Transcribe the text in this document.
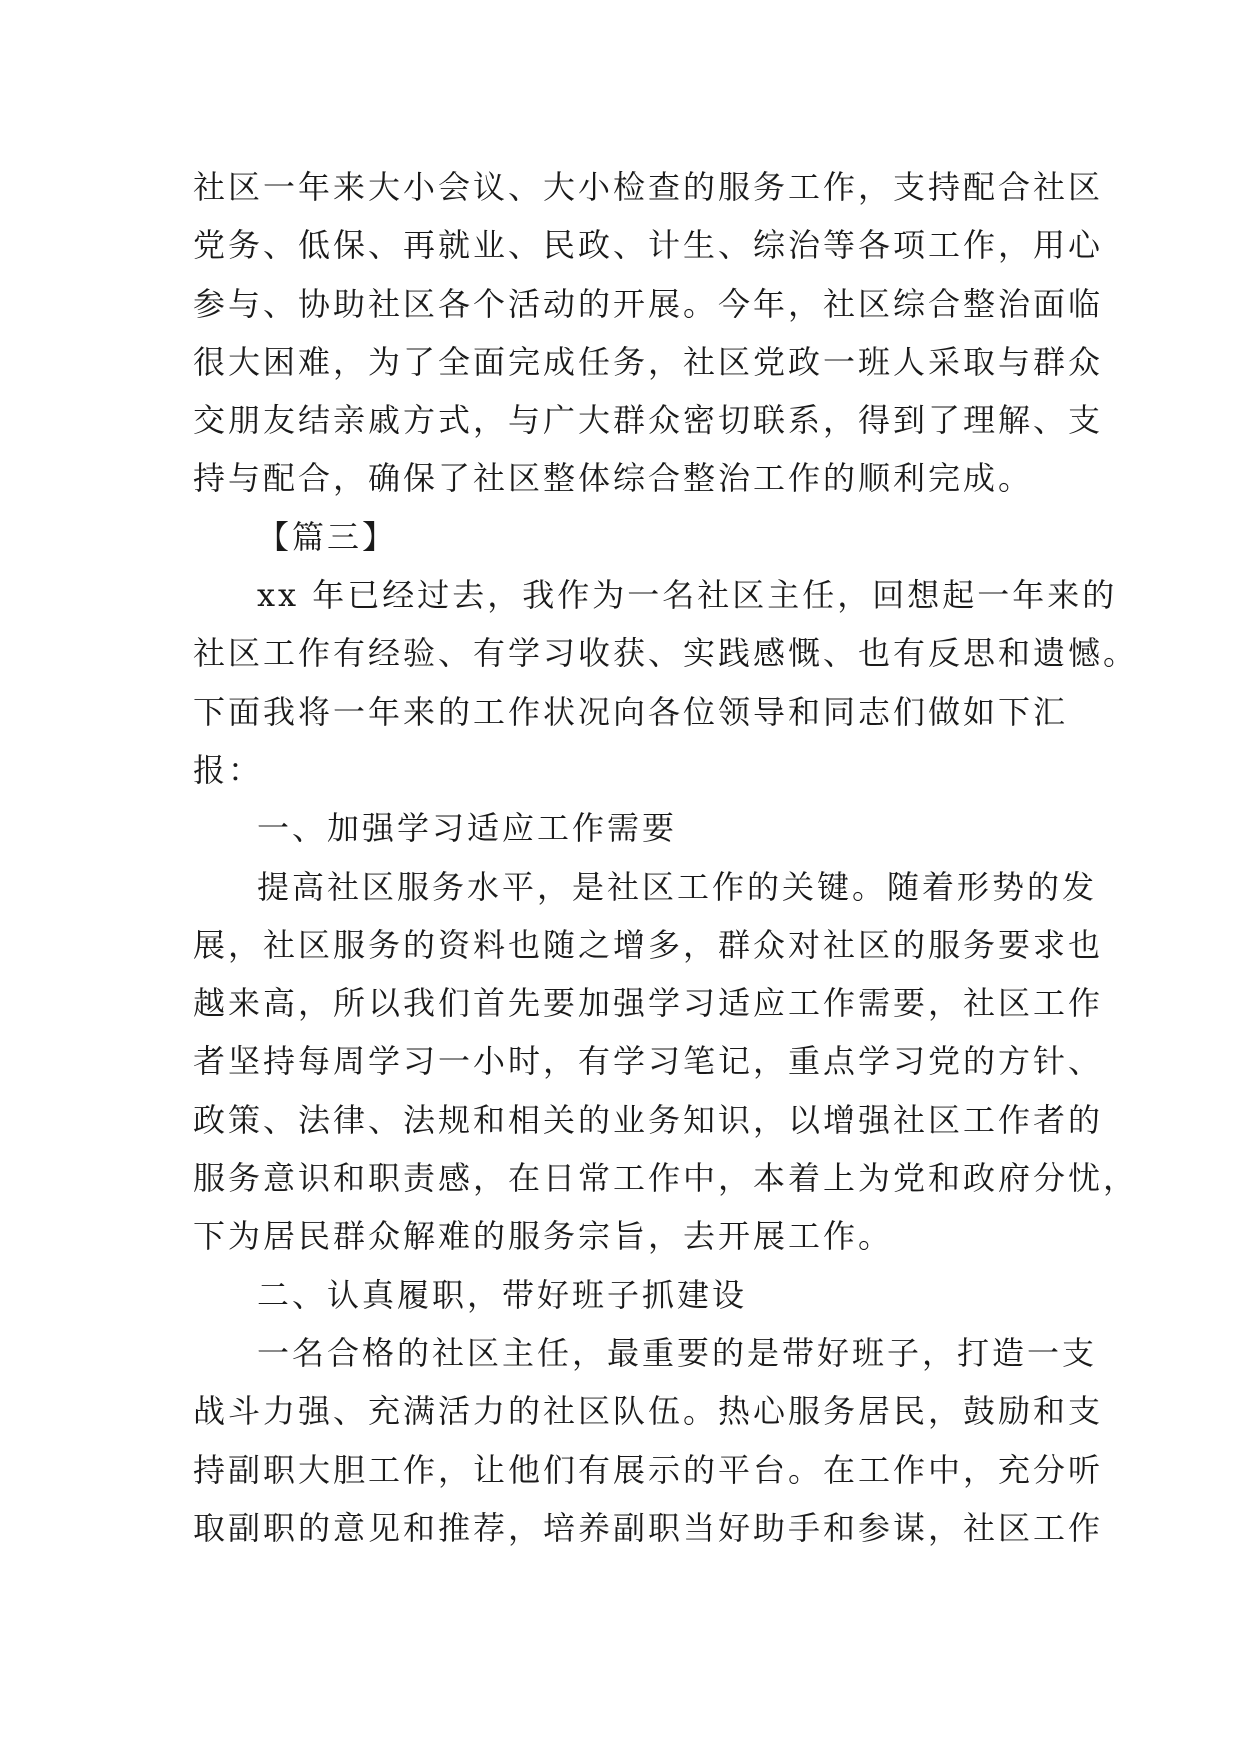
社区一年来大小会议、大小检查的服务工作，支持配合社区

党务、低保、再就业、民政、计生、综治等各项工作，用心

参与、协助社区各个活动的开展。今年，社区综合整治面临

很大困难，为了全面完成任务，社区党政一班人采取与群众

交朋友结亲戚方式，与广大群众密切联系，得到了理解、支

持与配合，确保了社区整体综合整治工作的顺利完成。

【篇三】

xx 年已经过去，我作为一名社区主任，回想起一年来的

社区工作有经验、有学习收获、实践感慨、也有反思和遗憾。

下面我将一年来的工作状况向各位领导和同志们做如下汇

报：

一、加强学习适应工作需要

提高社区服务水平，是社区工作的关键。随着形势的发

展，社区服务的资料也随之增多，群众对社区的服务要求也

越来高，所以我们首先要加强学习适应工作需要，社区工作

者坚持每周学习一小时，有学习笔记，重点学习党的方针、

政策、法律、法规和相关的业务知识，以增强社区工作者的

服务意识和职责感，在日常工作中，本着上为党和政府分忧，

下为居民群众解难的服务宗旨，去开展工作。

二、认真履职，带好班子抓建设

一名合格的社区主任，最重要的是带好班子，打造一支

战斗力强、充满活力的社区队伍。热心服务居民，鼓励和支

持副职大胆工作，让他们有展示的平台。在工作中，充分听

取副职的意见和推荐，培养副职当好助手和参谋，社区工作
